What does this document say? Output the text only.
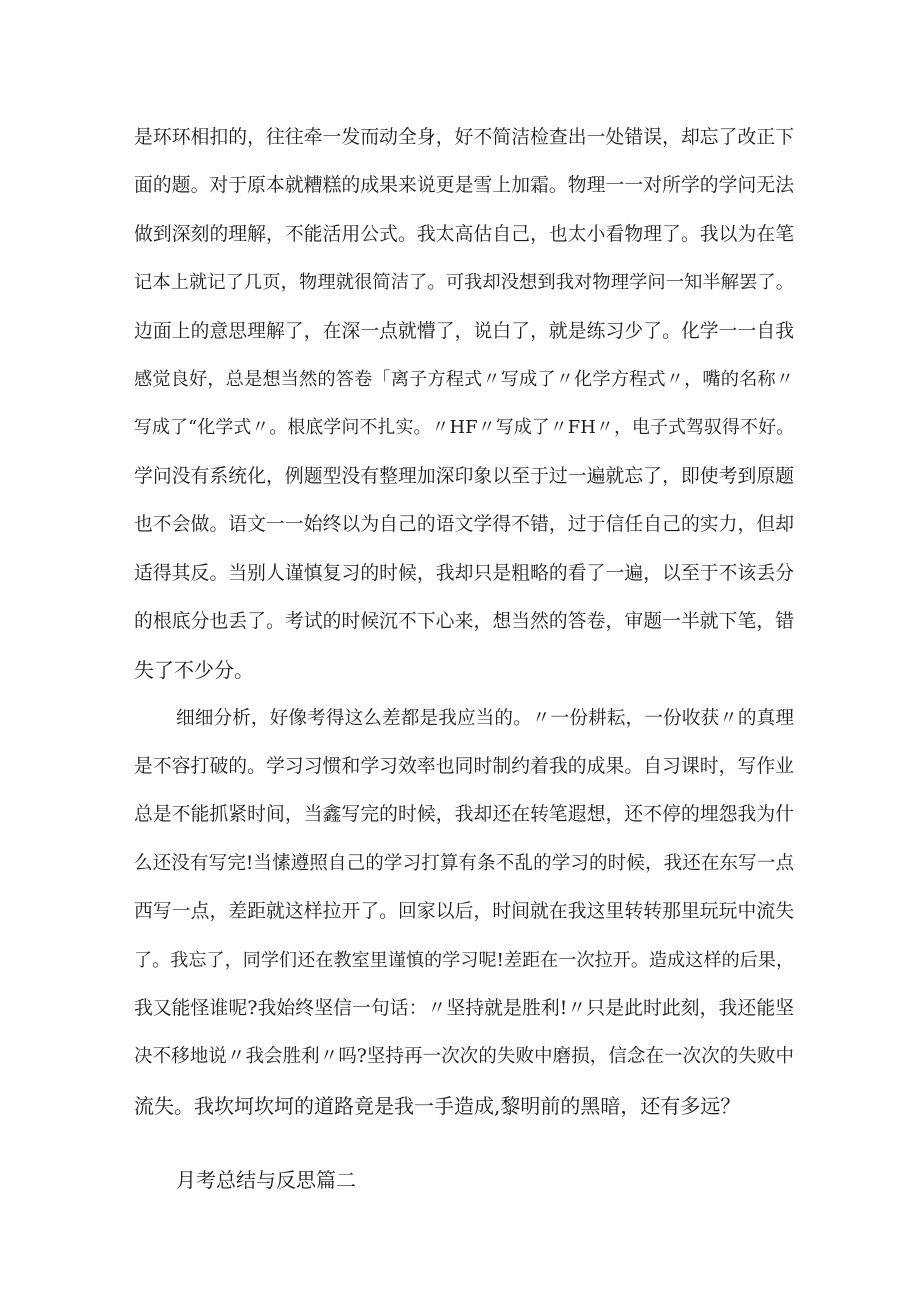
是环环相扣的，往往牵一发而动全身，好不简洁检查出一处错误，却忘了改正下
面的题。对于原本就糟糕的成果来说更是雪上加霜。物理一一对所学的学问无法
做到深刻的理解，不能活用公式。我太高估自己，也太小看物理了。我以为在笔
记本上就记了几页，物理就很简洁了。可我却没想到我对物理学问一知半解罢了。
边面上的意思理解了，在深一点就懵了，说白了，就是练习少了。化学一一自我
感觉良好，总是想当然的答卷「离子方程式〃写成了〃化学方程式〃，嘴的名称〃
写成了“化学式〃。根底学问不扎实。〃HF〃写成了〃FH〃，电子式驾驭得不好。
学问没有系统化，例题型没有整理加深印象以至于过一遍就忘了，即使考到原题
也不会做。语文一一始终以为自己的语文学得不错，过于信任自己的实力，但却
适得其反。当别人谨慎复习的时候，我却只是粗略的看了一遍，以至于不该丢分
的根底分也丢了。考试的时候沉不下心来，想当然的答卷，审题一半就下笔，错
失了不少分。
细细分析，好像考得这么差都是我应当的。〃一份耕耘，一份收获〃的真理
是不容打破的。学习习惯和学习效率也同时制约着我的成果。自习课时，写作业
总是不能抓紧时间，当鑫写完的时候，我却还在转笔遐想，还不停的埋怨我为什
么还没有写完!当愫遵照自己的学习打算有条不乱的学习的时候，我还在东写一点
西写一点，差距就这样拉开了。回家以后，时间就在我这里转转那里玩玩中流失
了。我忘了，同学们还在教室里谨慎的学习呢!差距在一次拉开。造成这样的后果，
我又能怪谁呢?我始终坚信一句话：〃坚持就是胜利!〃只是此时此刻，我还能坚
决不移地说〃我会胜利〃吗?坚持再一次次的失败中磨损，信念在一次次的失败中
流失。我坎坷坎坷的道路竟是我一手造成,黎明前的黑暗，还有多远？
月考总结与反思篇二
